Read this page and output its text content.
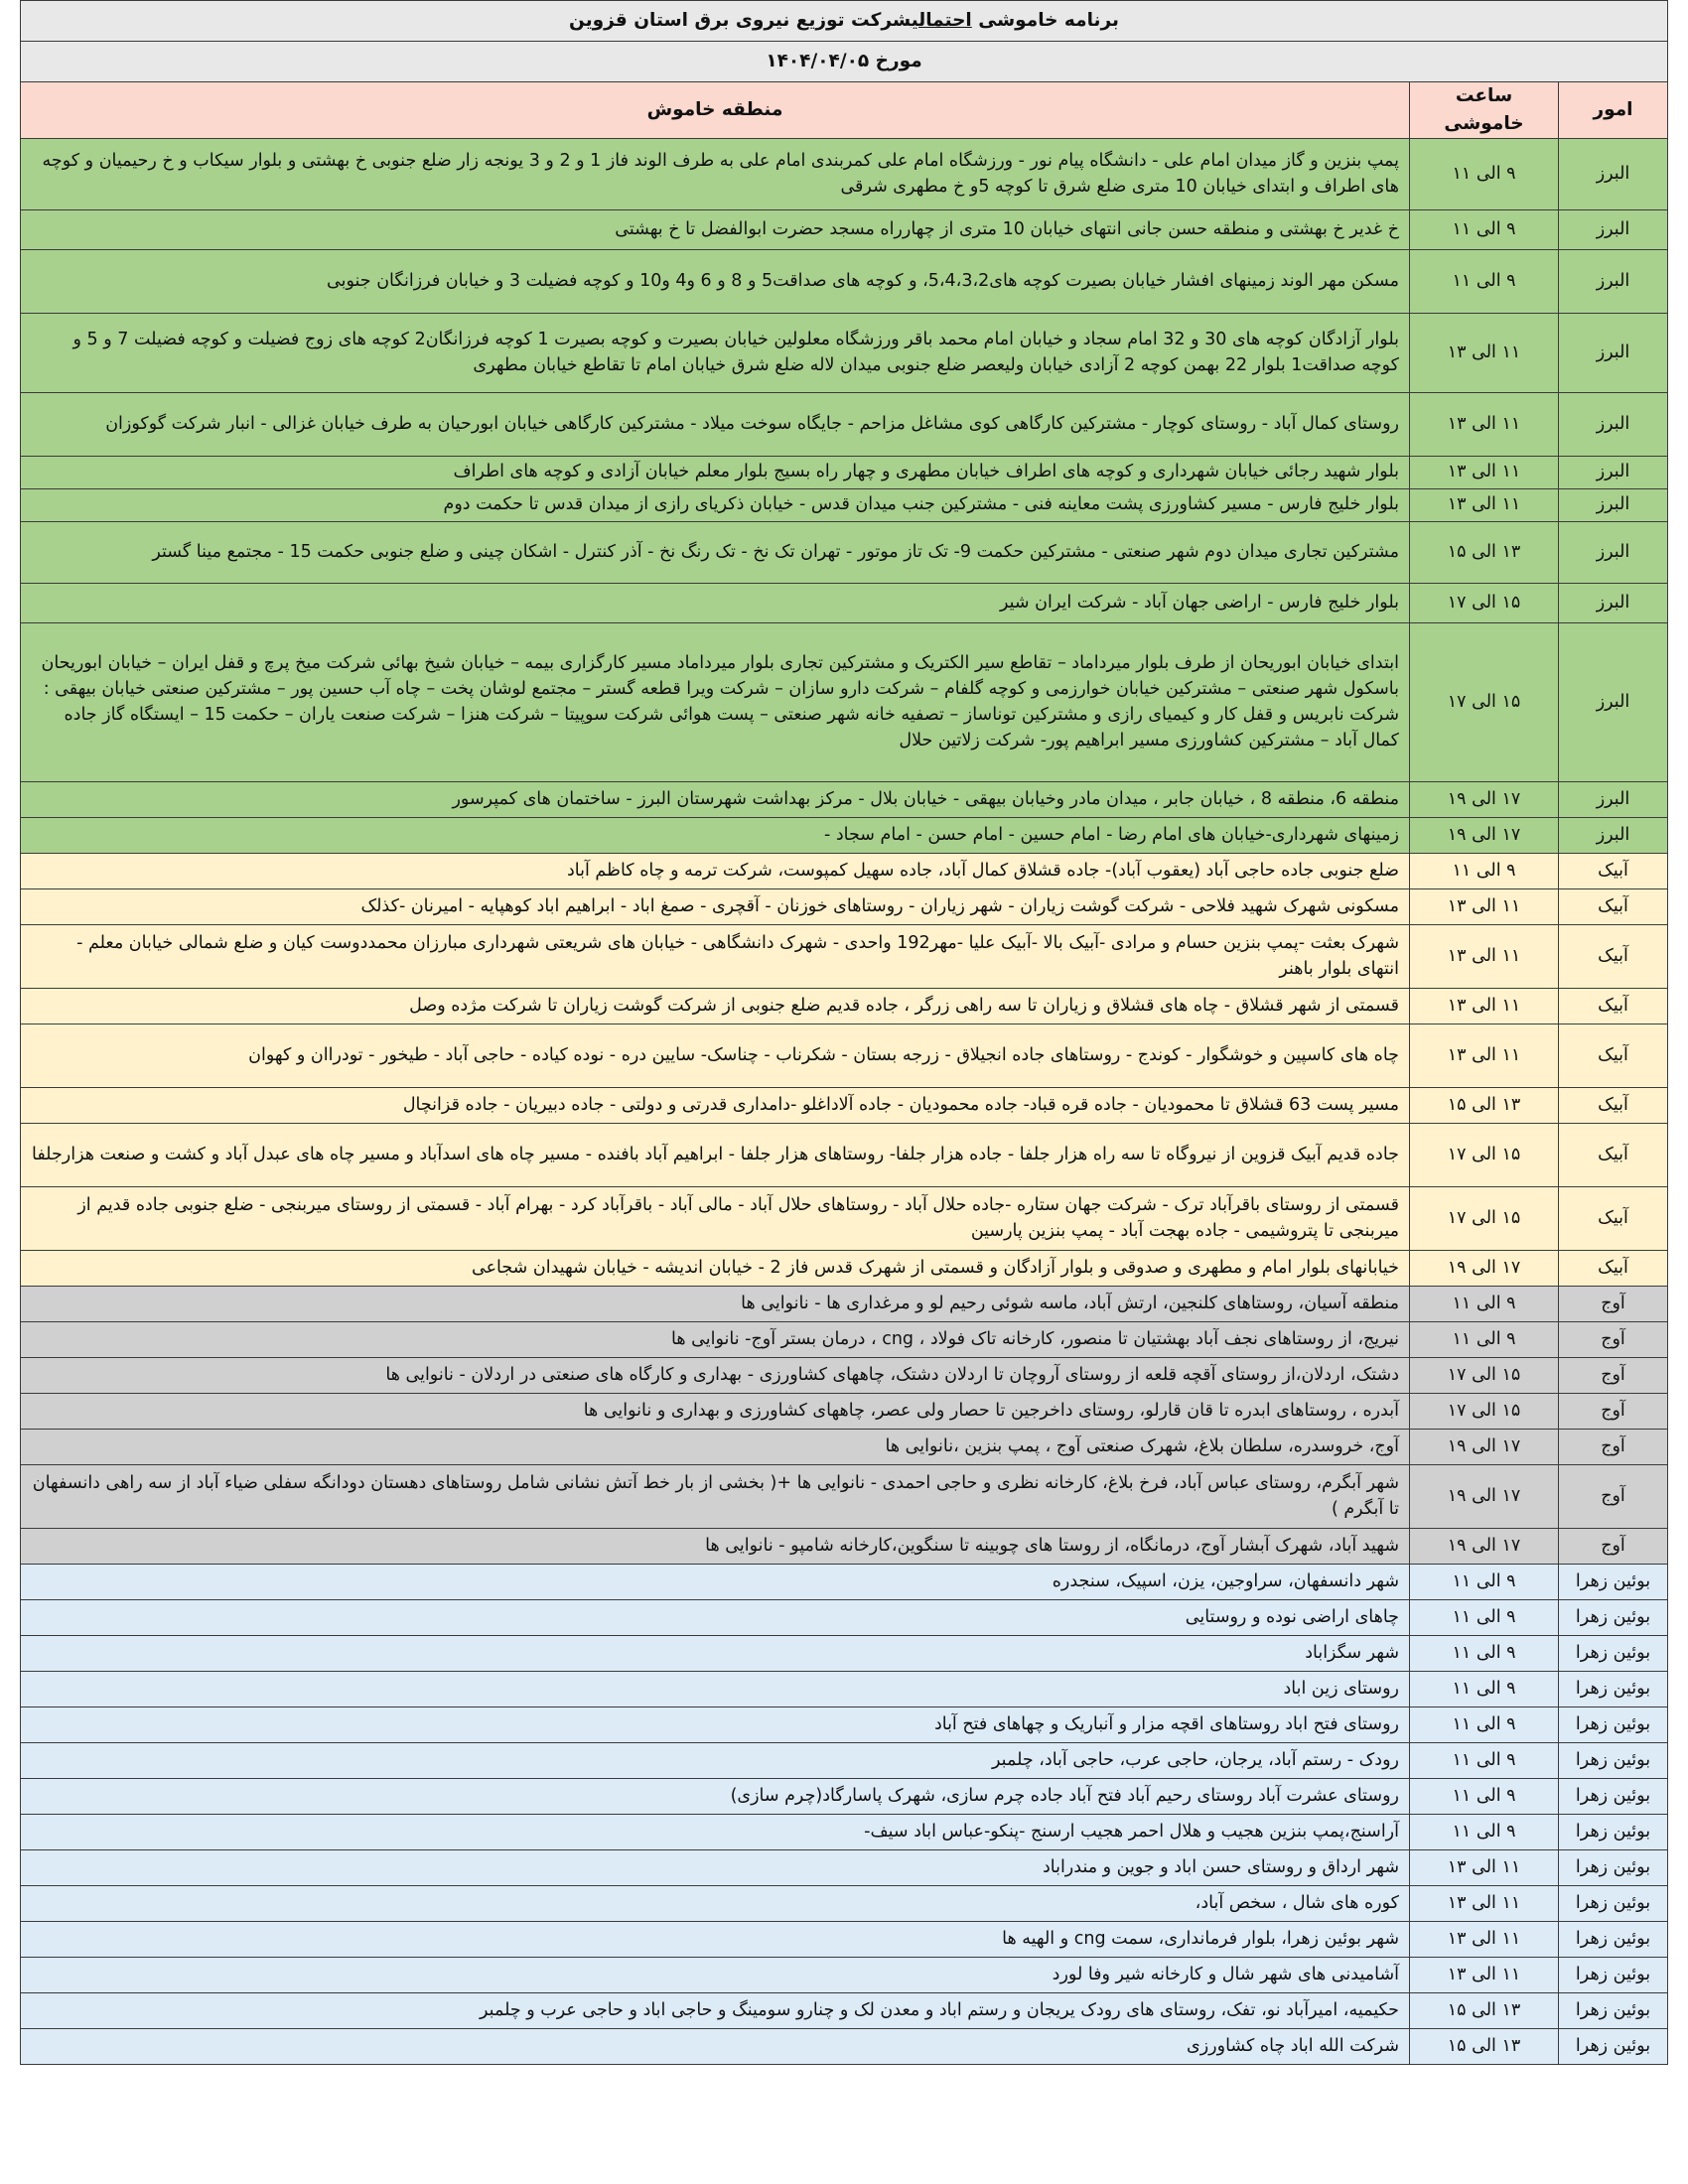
برنامه خاموشی احتمالیشرکت توزیع نیروی برق استان قزوین		
مورخ ۱۴۰۴/۰۴/۰۵		
امور	ساعت خاموشی	منطقه خاموش
البرز	۹ الی ۱۱	پمپ بنزین و گاز میدان امام علی - دانشگاه پیام نور - ورزشگاه امام علی کمربندی امام علی به طرف الوند فاز 1 و 2 و 3 یونجه زار ضلع جنوبی خ بهشتی و بلوار سیکاب و خ رحیمیان و کوچه های اطراف و ابتدای خیابان 10 متری ضلع شرق تا کوچه 5و خ مطهری شرقی
البرز	۹ الی ۱۱	خ غدیر خ بهشتی و منطقه حسن جانی انتهای خیابان 10 متری از چهارراه مسجد حضرت ابوالفضل تا خ بهشتی
البرز	۹ الی ۱۱	مسکن مهر الوند زمینهای افشار خیابان بصیرت کوچه های5،4،3،2، و کوچه های صداقت5 و 8 و 6 و4 و10 و کوچه فضیلت 3 و خیابان فرزانگان جنوبی
البرز	۱۱ الی ۱۳	بلوار آزادگان کوچه های 30 و 32 امام سجاد و خیابان امام محمد باقر ورزشگاه معلولین خیابان بصیرت و کوچه بصیرت 1 کوچه فرزانگان2 کوچه های زوج فضیلت و کوچه فضیلت 7 و 5 و کوچه صداقت1 بلوار 22 بهمن کوچه 2 آزادی خیابان ولیعصر ضلع جنوبی میدان لاله ضلع شرق خیابان امام تا تقاطع خیابان مطهری
البرز	۱۱ الی ۱۳	روستای کمال آباد - روستای کوچار - مشترکین کارگاهی کوی مشاغل مزاحم - جایگاه سوخت میلاد - مشترکین کارگاهی خیابان ابورحیان به طرف خیابان غزالی - انبار شرکت گوکوزان
البرز	۱۱ الی ۱۳	بلوار شهید رجائی خیابان شهرداری و کوچه های اطراف خیابان مطهری و چهار راه بسیج بلوار معلم خیابان آزادی و کوچه های اطراف
البرز	۱۱ الی ۱۳	بلوار خلیج فارس - مسیر کشاورزی پشت معاینه فنی - مشترکین جنب میدان قدس - خیابان ذکریای رازی از میدان قدس تا حکمت دوم
البرز	۱۳ الی ۱۵	مشترکین تجاری میدان دوم شهر صنعتی - مشترکین حکمت 9- تک تاز موتور - تهران تک نخ - تک رنگ نخ - آذر کنترل - اشکان چینی و ضلع جنوبی حکمت 15 - مجتمع مینا گستر
البرز	۱۵ الی ۱۷	بلوار خلیج فارس - اراضی جهان آباد - شرکت ایران شیر
البرز	۱۵ الی ۱۷	ابتدای خیابان ابوریحان از طرف بلوار میرداماد – تقاطع سیر الکتریک و مشترکین تجاری بلوار میرداماد مسیر کارگزاری بیمه – خیابان شیخ بهائی شرکت میخ پرچ و قفل ایران – خیابان ابوریحان باسکول شهر صنعتی – مشترکین خیابان خوارزمی و کوچه گلفام – شرکت دارو سازان – شرکت ویرا قطعه گستر – مجتمع لوشان پخت – چاه آب حسین پور – مشترکین صنعتی خیابان بیهقی : شرکت نابریس و قفل کار و کیمیای رازی و مشترکین توناساز – تصفیه خانه شهر صنعتی – پست هوائی شرکت سوپیتا – شرکت هنزا – شرکت صنعت یاران – حکمت 15 – ایستگاه گاز جاده کمال آباد – مشترکین کشاورزی مسیر ابراهیم پور- شرکت زلاتین حلال
البرز	۱۷ الی ۱۹	منطقه 6، منطقه 8 ، خیابان جابر ، میدان مادر وخیابان بیهقی - خیابان بلال - مرکز بهداشت شهرستان البرز - ساختمان های کمپرسور
البرز	۱۷ الی ۱۹	زمینهای شهرداری-خیابان های امام رضا - امام حسین - امام حسن - امام سجاد -
آبیک	۹ الی ۱۱	ضلع جنوبی جاده حاجی آباد (یعقوب آباد)- جاده قشلاق کمال آباد، جاده سهیل کمپوست، شرکت ترمه و چاه کاظم آباد
آبیک	۱۱ الی ۱۳	مسکونی شهرک شهید فلاحی - شرکت گوشت زیاران - شهر زیاران - روستاهای خوزنان - آقچری - صمغ اباد - ابراهیم اباد کوهپایه - امیرنان -کذلک
آبیک	۱۱ الی ۱۳	شهرک بعثت -پمپ بنزین حسام و مرادی -آبیک بالا -آبیک علیا -مهر192 واحدی - شهرک دانشگاهی - خیابان های شریعتی شهرداری مبارزان محمددوست کیان و ضلع شمالی خیابان معلم - انتهای بلوار باهنر
آبیک	۱۱ الی ۱۳	قسمتی از شهر قشلاق - چاه های قشلاق و زیاران تا سه راهی زرگر ، جاده قدیم ضلع جنوبی از شرکت گوشت زیاران تا شرکت مژده وصل
آبیک	۱۱ الی ۱۳	چاه های کاسپین و خوشگوار - کوندج - روستاهای جاده انجیلاق - زرجه بستان - شکرناب - چناسک- سایین دره - نوده کیاده - حاجی آباد - طیخور - تودراان و کهوان
آبیک	۱۳ الی ۱۵	مسیر پست 63 قشلاق تا محمودیان - جاده قره قباد- جاده محمودیان - جاده آلاداغلو -دامداری قدرتی و دولتی - جاده دبیریان - جاده قزانچال
آبیک	۱۵ الی ۱۷	جاده قدیم آبیک قزوین از نیروگاه تا سه راه هزار جلفا - جاده هزار جلفا- روستاهای هزار جلفا - ابراهیم آباد بافنده - مسیر چاه های اسدآباد و مسیر چاه های عبدل آباد و کشت و صنعت هزارجلفا
آبیک	۱۵ الی ۱۷	قسمتی از روستای باقرآباد ترک - شرکت جهان ستاره -جاده حلال آباد - روستاهای حلال آباد - مالی آباد - باقرآباد کرد - بهرام آباد - قسمتی از روستای میربنجی - ضلع جنوبی جاده قدیم از میربنجی تا پتروشیمی - جاده بهجت آباد - پمپ بنزین پارسین
آبیک	۱۷ الی ۱۹	خیابانهای بلوار امام و مطهری و صدوقی و بلوار آزادگان و قسمتی از شهرک قدس فاز 2 - خیابان اندیشه - خیابان شهیدان شجاعی
آوج	۹ الی ۱۱	منطقه آسیان، روستاهای کلنجین، ارتش آباد، ماسه شوئی رحیم لو و مرغداری ها - نانوایی ها
آوج	۹ الی ۱۱	نیریج، از روستاهای نجف آباد بهشتیان تا منصور، کارخانه تاک فولاد ، cng ، درمان بستر آوج- نانوایی ها
آوج	۱۵ الی ۱۷	دشتک، اردلان،از روستای آقچه قلعه از روستای آروچان تا اردلان دشتک، چاههای کشاورزی - بهداری و کارگاه های صنعتی در اردلان - نانوایی ها
آوج	۱۵ الی ۱۷	آبدره ، روستاهای ابدره تا قان قارلو، روستای داخرجین تا حصار ولی عصر، چاههای کشاورزی و بهداری و نانوایی ها
آوج	۱۷ الی ۱۹	آوج، خروسدره، سلطان بلاغ، شهرک صنعتی آوج ، پمپ بنزین ،نانوایی ها
آوج	۱۷ الی ۱۹	شهر آبگرم، روستای عباس آباد، فرخ بلاغ، کارخانه نظری و حاجی احمدی - نانوایی ها +( بخشی از بار خط آتش نشانی شامل روستاهای دهستان دودانگه سفلی ضیاء آباد از سه راهی دانسفهان تا آبگرم )
آوج	۱۷ الی ۱۹	شهید آباد، شهرک آبشار آوج، درمانگاه، از روستا های چوبینه تا سنگوین،کارخانه شامپو - نانوایی ها
بوئین زهرا	۹ الی ۱۱	شهر دانسفهان، سراوجین، یزن، اسپیک، سنجدره
بوئین زهرا	۹ الی ۱۱	چاهای اراضی نوده و روستایی
بوئین زهرا	۹ الی ۱۱	شهر سگزاباد
بوئین زهرا	۹ الی ۱۱	روستای زین اباد
بوئین زهرا	۹ الی ۱۱	روستای فتح اباد روستاهای اقچه مزار و آنباریک و چهاهای فتح آباد
بوئین زهرا	۹ الی ۱۱	رودک - رستم آباد، یرجان، حاجی عرب، حاجی آباد، چلمبر
بوئین زهرا	۹ الی ۱۱	روستای عشرت آباد روستای رحیم آباد فتح آباد جاده چرم سازی، شهرک پاسارگاد(چرم سازی)
بوئین زهرا	۹ الی ۱۱	آراسنج،پمپ بنزین هجیب و هلال احمر هجیب ارسنج -پنکو-عباس اباد سیف-
بوئین زهرا	۱۱ الی ۱۳	شهر ارداق و روستای حسن اباد و جوین و مندراباد
بوئین زهرا	۱۱ الی ۱۳	کوره های شال ، سخص آباد،
بوئین زهرا	۱۱ الی ۱۳	شهر بوئین زهرا، بلوار فرمانداری، سمت cng و الهیه ها
بوئین زهرا	۱۱ الی ۱۳	آشامیدنی های شهر شال و کارخانه شیر وفا لورد
بوئین زهرا	۱۳ الی ۱۵	حکیمیه، امیرآباد نو، تفک، روستای های رودک یریجان و رستم اباد و معدن لک و چنارو سومینگ و حاجی اباد و حاجی عرب و چلمبر
بوئین زهرا	۱۳ الی ۱۵	شرکت الله اباد چاه کشاورزی
